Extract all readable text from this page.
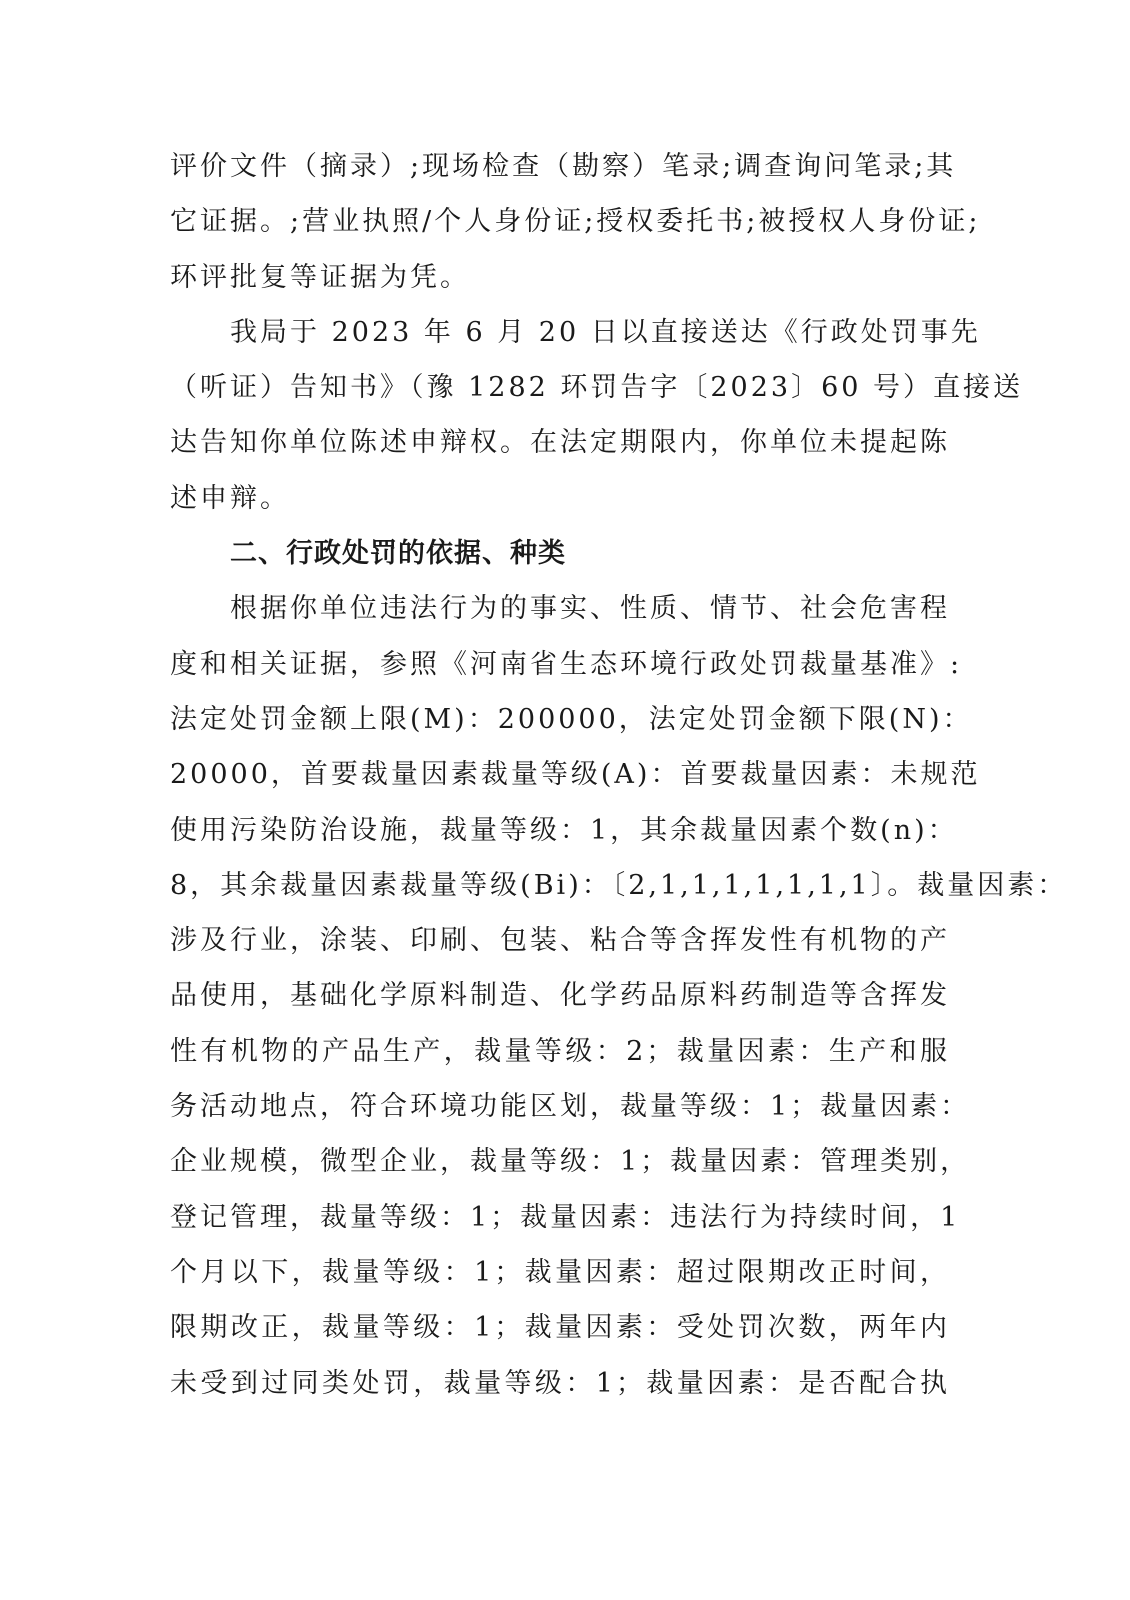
评价文件（摘录）;现场检查（勘察）笔录;调查询问笔录;其
它证据。;营业执照/个人身份证;授权委托书;被授权人身份证;
环评批复等证据为凭。
我局于 2023 年 6 月 20 日以直接送达《行政处罚事先
（听证）告知书》（豫 1282 环罚告字〔2023〕60 号）直接送
达告知你单位陈述申辩权。在法定期限内，你单位未提起陈
述申辩。
二、行政处罚的依据、种类
根据你单位违法行为的事实、性质、情节、社会危害程
度和相关证据，参照《河南省生态环境行政处罚裁量基准》:
法定处罚金额上限(M)：200000，法定处罚金额下限(N)：
20000，首要裁量因素裁量等级(A)：首要裁量因素：未规范
使用污染防治设施，裁量等级：1，其余裁量因素个数(n)：
8，其余裁量因素裁量等级(Bi)：〔2,1,1,1,1,1,1,1〕。裁量因素：
涉及行业，涂装、印刷、包装、粘合等含挥发性有机物的产
品使用，基础化学原料制造、化学药品原料药制造等含挥发
性有机物的产品生产，裁量等级：2；裁量因素：生产和服
务活动地点，符合环境功能区划，裁量等级：1；裁量因素：
企业规模，微型企业，裁量等级：1；裁量因素：管理类别，
登记管理，裁量等级：1；裁量因素：违法行为持续时间，1
个月以下，裁量等级：1；裁量因素：超过限期改正时间，
限期改正，裁量等级：1；裁量因素：受处罚次数，两年内
未受到过同类处罚，裁量等级：1；裁量因素：是否配合执
